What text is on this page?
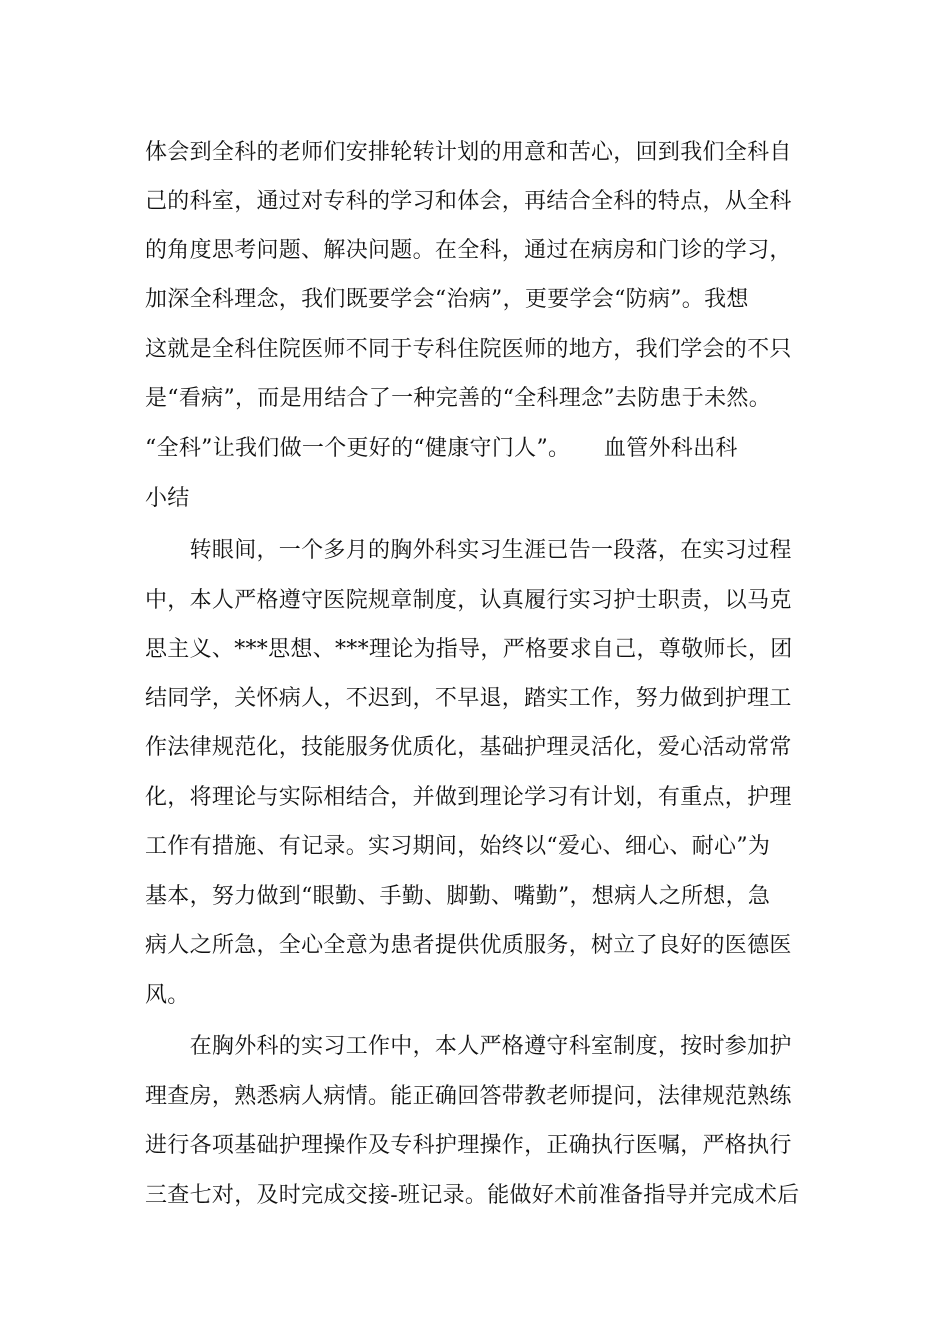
体会到全科的老师们安排轮转计划的用意和苦心，回到我们全科自
己的科室，通过对专科的学习和体会，再结合全科的特点，从全科
的角度思考问题、解决问题。在全科，通过在病房和门诊的学习，
加深全科理念，我们既要学会“治病”，更要学会“防病”。我想
这就是全科住院医师不同于专科住院医师的地方，我们学会的不只
是“看病”，而是用结合了一种完善的“全科理念”去防患于未然。
“全科”让我们做一个更好的“健康守门人”。　　血管外科出科
小结
　　转眼间，一个多月的胸外科实习生涯已告一段落，在实习过程
中，本人严格遵守医院规章制度，认真履行实习护士职责，以马克
思主义、***思想、***理论为指导，严格要求自己，尊敬师长，团
结同学，关怀病人，不迟到，不早退，踏实工作，努力做到护理工
作法律规范化，技能服务优质化，基础护理灵活化，爱心活动常常
化，将理论与实际相结合，并做到理论学习有计划，有重点，护理
工作有措施、有记录。实习期间，始终以“爱心、细心、耐心”为
基本，努力做到“眼勤、手勤、脚勤、嘴勤”，想病人之所想，急
病人之所急，全心全意为患者提供优质服务，树立了良好的医德医
风。
　　在胸外科的实习工作中，本人严格遵守科室制度，按时参加护
理查房，熟悉病人病情。能正确回答带教老师提问，法律规范熟练
进行各项基础护理操作及专科护理操作，正确执行医嘱，严格执行
三查七对，及时完成交接-班记录。能做好术前准备指导并完成术后
